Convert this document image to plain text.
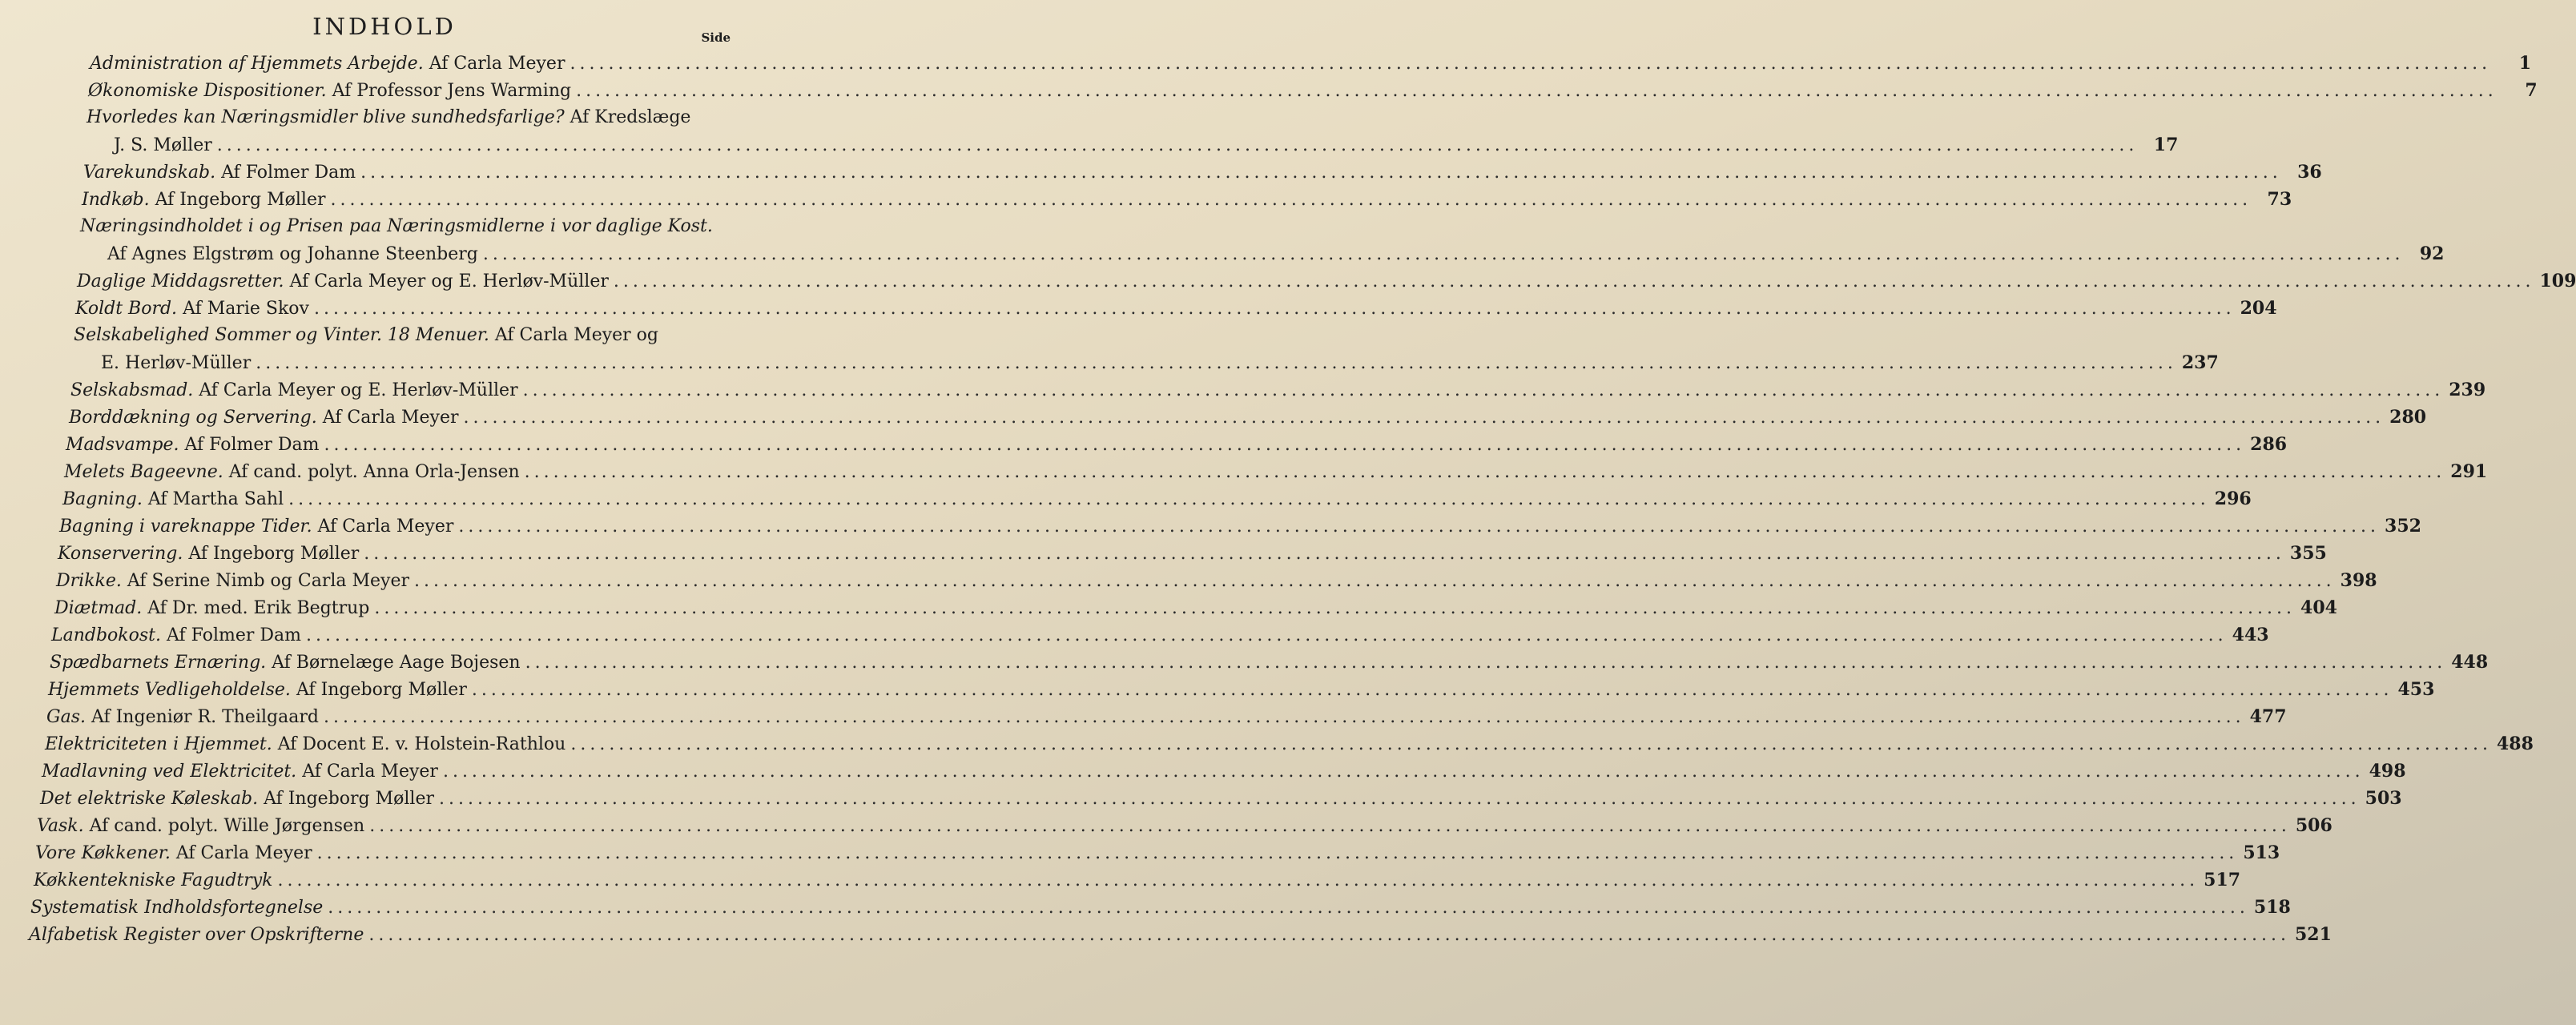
INDHOLD	Side
Administration af Hjemmets Arbejde. Af Carla Meyer ........................................................................................................................................................................................................	1
Økonomiske Dispositioner. Af Professor Jens Warming ........................................................................................................................................................................................................	7
Hvorledes kan Næringsmidler blive sundhedsfarlige? Af Kredslæge
J. S. Møller ........................................................................................................................................................................................................ 17
Varekundskab. Af Folmer Dam ........................................................................................................................................................................................................ 36
Indkøb. Af Ingeborg Møller ........................................................................................................................................................................................................ 73
Næringsindholdet i og Prisen paa Næringsmidlerne i vor daglige Kost.
Af Agnes Elgstrøm og Johanne Steenberg ........................................................................................................................................................................................................ 92
Daglige Middagsretter. Af Carla Meyer og E. Herløv-Müller ........................................................................................................................................................................................................ 109
Koldt Bord. Af Marie Skov ........................................................................................................................................................................................................ 204
Selskabelighed Sommer og Vinter. 18 Menuer. Af Carla Meyer og
E. Herløv-Müller ........................................................................................................................................................................................................ 237
Selskabsmad. Af Carla Meyer og E. Herløv-Müller ........................................................................................................................................................................................................ 239
Borddækning og Servering. Af Carla Meyer ........................................................................................................................................................................................................ 280
Madsvampe. Af Folmer Dam ........................................................................................................................................................................................................ 286
Melets Bageevne. Af cand. polyt. Anna Orla-Jensen ........................................................................................................................................................................................................ 291
Bagning. Af Martha Sahl ........................................................................................................................................................................................................ 296
Bagning i vareknappe Tider. Af Carla Meyer ........................................................................................................................................................................................................ 352
Konservering. Af Ingeborg Møller ........................................................................................................................................................................................................ 355
Drikke. Af Serine Nimb og Carla Meyer ........................................................................................................................................................................................................ 398
Diætmad. Af Dr. med. Erik Begtrup ........................................................................................................................................................................................................ 404
Landbokost. Af Folmer Dam ........................................................................................................................................................................................................ 443
Spædbarnets Ernæring. Af Børnelæge Aage Bojesen ........................................................................................................................................................................................................ 448
Hjemmets Vedligeholdelse. Af Ingeborg Møller ........................................................................................................................................................................................................ 453
Gas. Af Ingeniør R. Theilgaard ........................................................................................................................................................................................................ 477
Elektriciteten i Hjemmet. Af Docent E. v. Holstein-Rathlou ........................................................................................................................................................................................................ 488
Madlavning ved Elektricitet. Af Carla Meyer ........................................................................................................................................................................................................ 498
Det elektriske Køleskab. Af Ingeborg Møller ........................................................................................................................................................................................................ 503
Vask. Af cand. polyt. Wille Jørgensen ........................................................................................................................................................................................................ 506
Vore Køkkener. Af Carla Meyer ........................................................................................................................................................................................................ 513
Køkkentekniske Fagudtryk ........................................................................................................................................................................................................ 517
Systematisk Indholdsfortegnelse ........................................................................................................................................................................................................ 518
Alfabetisk Register over Opskrifterne ........................................................................................................................................................................................................ 521
